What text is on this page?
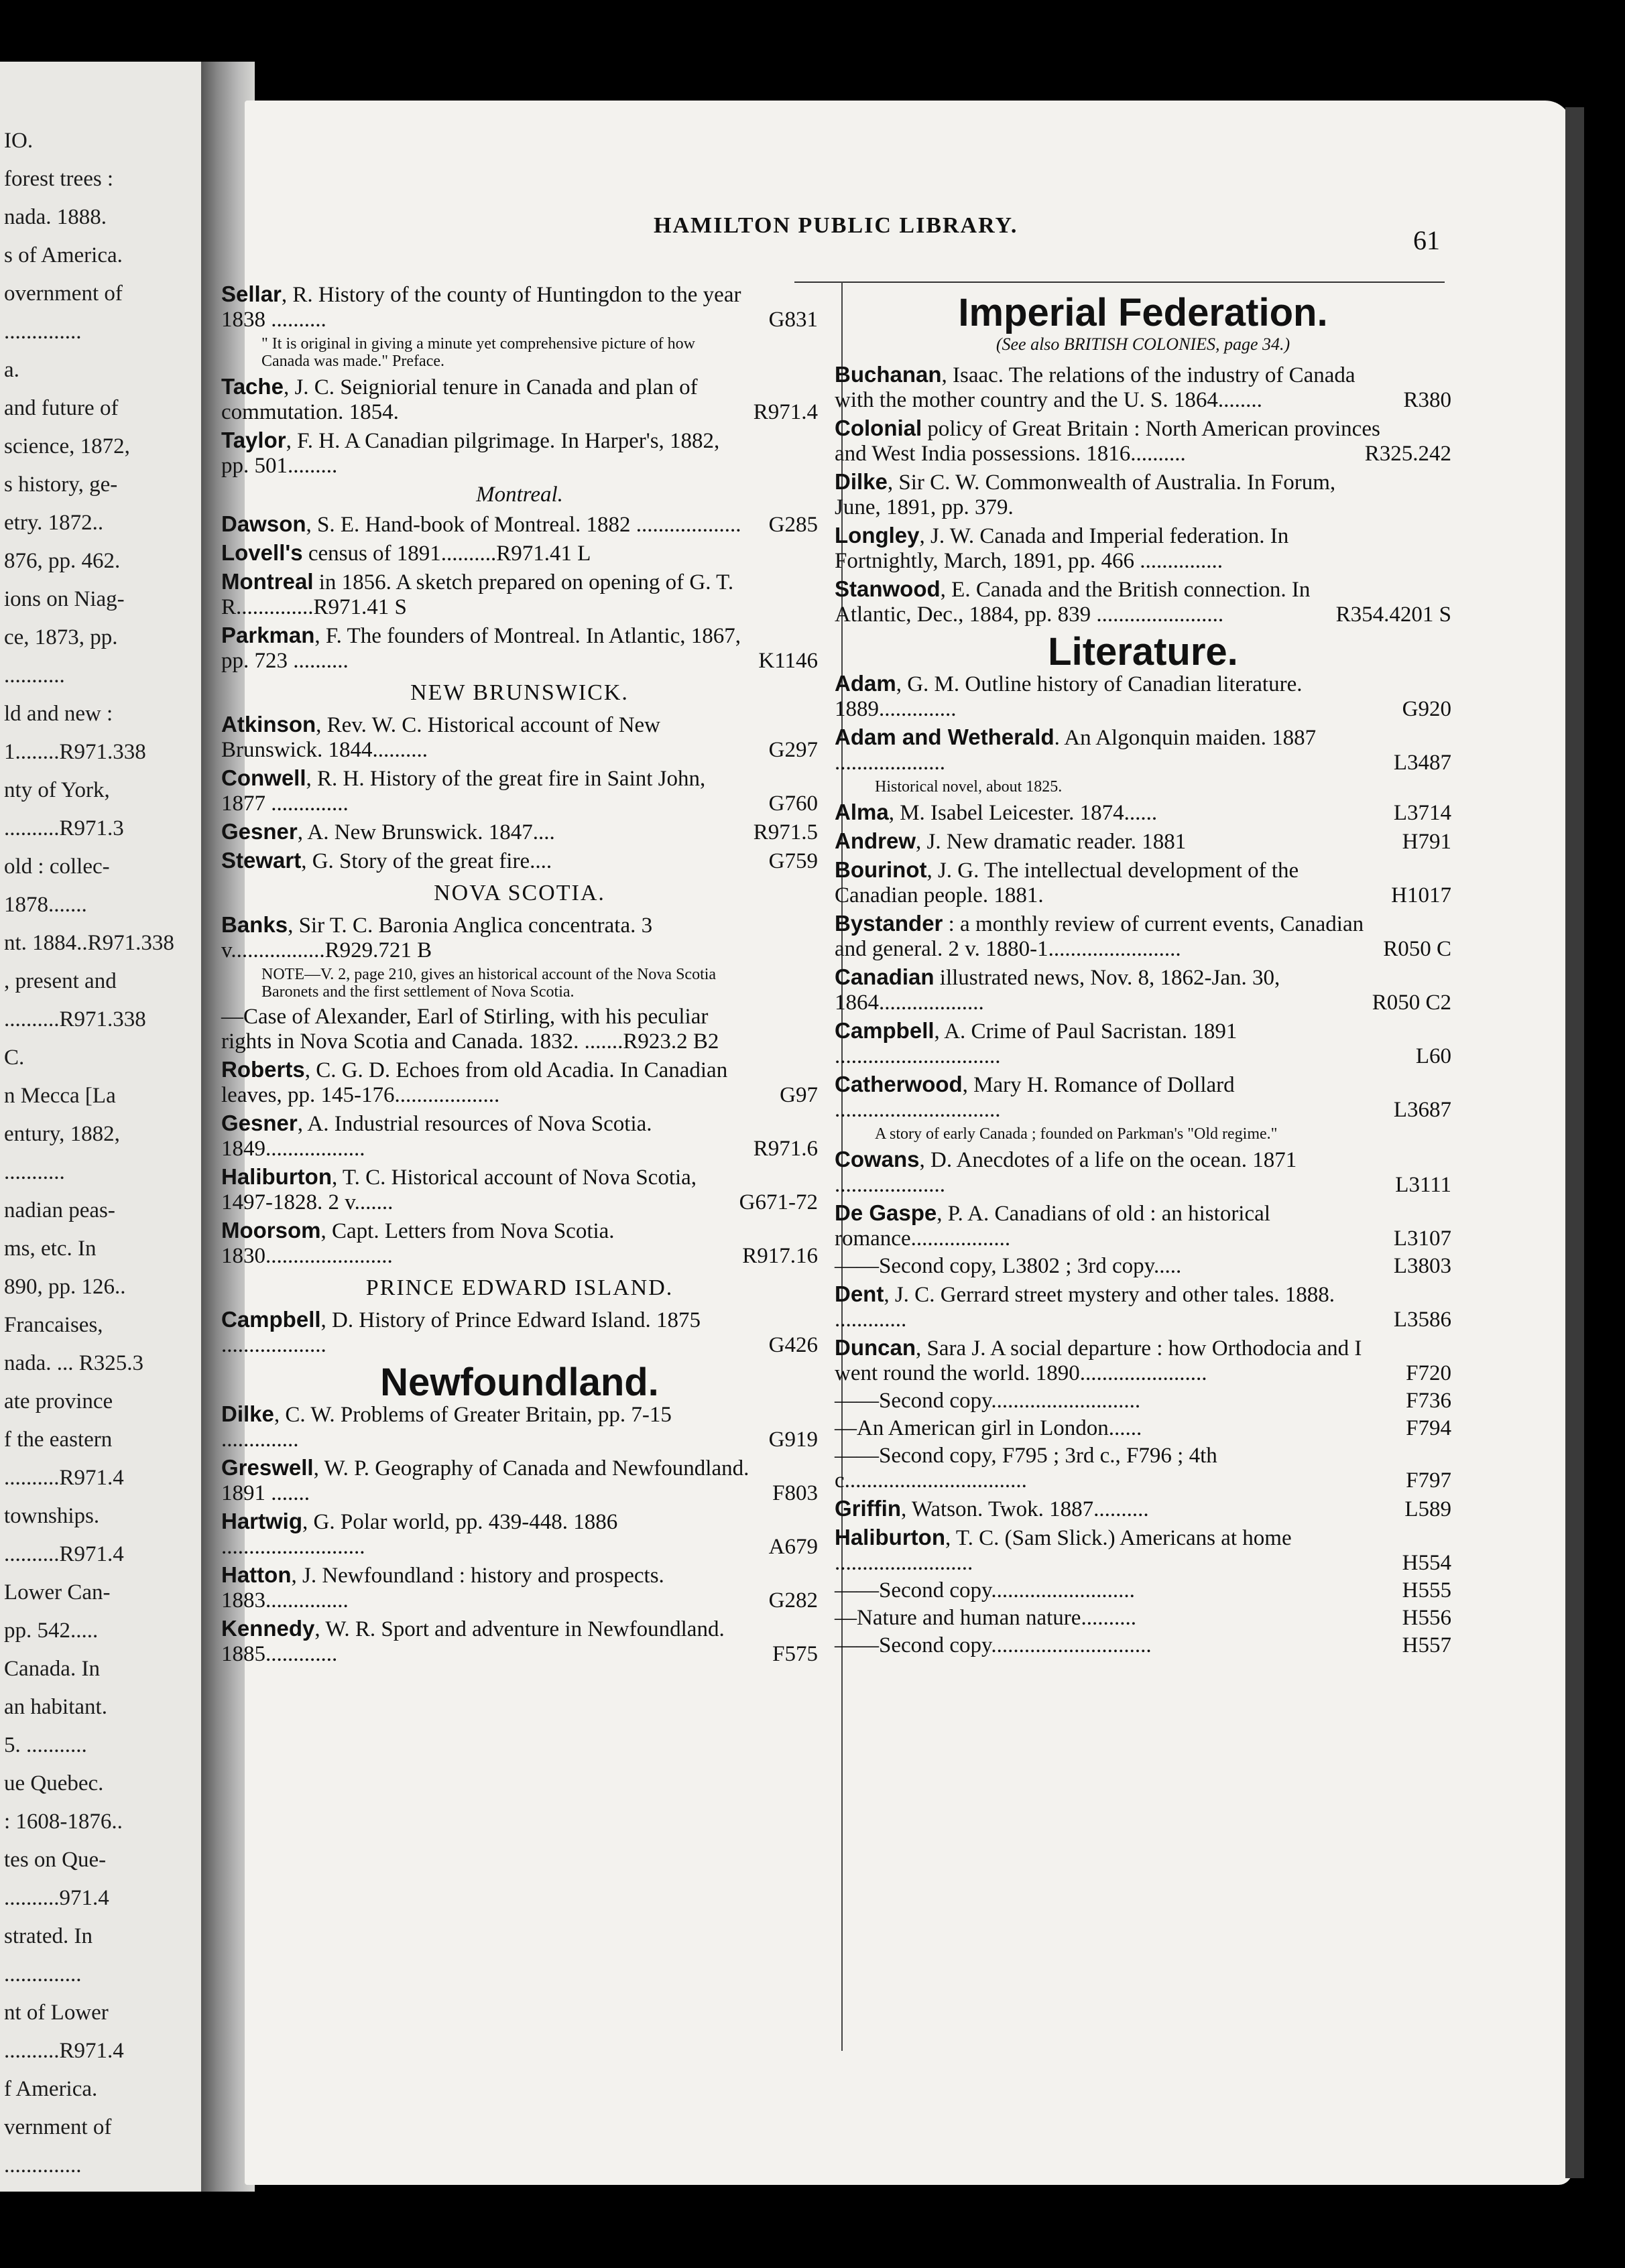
IO.
forest trees :
nada. 1888.
s of America.
overnment of
..............
a.
and future of
science, 1872,
s history, ge-
etry. 1872..
876, pp. 462.
ions on Niag-
ce, 1873, pp.
...........
ld and new :
1........R971.338
nty of York,
..........R971.3
old : collec-
1878.......
nt. 1884..R971.338
, present and
..........R971.338
C.
n Mecca [La
entury, 1882,
...........
nadian peas-
ms, etc. In
890, pp. 126..
Francaises,
nada. ... R325.3
ate province
f the eastern
..........R971.4
townships.
..........R971.4
Lower Can-
pp. 542.....
Canada. In
an habitant.
5. ...........
ue Quebec.
: 1608-1876..
tes on Que-
..........971.4
strated. In
..............
nt of Lower
..........R971.4
f America.
vernment of
..............
HAMILTON PUBLIC LIBRARY.	61
Sellar, R. History of the county of Huntingdon to the year 1838 ..........	G831
" It is original in giving a minute yet comprehensive picture of how Canada was made." Preface.
Tache, J. C. Seigniorial tenure in Canada and plan of commutation. 1854.	R971.4
Taylor, F. H. A Canadian pilgrimage. In Harper's, 1882, pp. 501.........
Montreal.
Dawson, S. E. Hand-book of Montreal. 1882 ...................	G285
Lovell's census of 1891..........R971.41 L
Montreal in 1856. A sketch prepared on opening of G. T. R..............R971.41 S
Parkman, F. The founders of Montreal. In Atlantic, 1867, pp. 723 ..........	K1146
NEW BRUNSWICK.
Atkinson, Rev. W. C. Historical account of New Brunswick. 1844..........	G297
Conwell, R. H. History of the great fire in Saint John, 1877 ..............	G760
Gesner, A. New Brunswick. 1847....	R971.5
Stewart, G. Story of the great fire....	G759
NOVA SCOTIA.
Banks, Sir T. C. Baronia Anglica concentrata. 3 v.................R929.721 B
NOTE—V. 2, page 210, gives an historical account of the Nova Scotia Baronets and the first settlement of Nova Scotia.
—Case of Alexander, Earl of Stirling, with his peculiar rights in Nova Scotia and Canada. 1832. .......R923.2 B2
Roberts, C. G. D. Echoes from old Acadia. In Canadian leaves, pp. 145-176...................	G97
Gesner, A. Industrial resources of Nova Scotia. 1849..................	R971.6
Haliburton, T. C. Historical account of Nova Scotia, 1497-1828. 2 v.......	G671-72
Moorsom, Capt. Letters from Nova Scotia. 1830.......................	R917.16
PRINCE EDWARD ISLAND.
Campbell, D. History of Prince Edward Island. 1875 ...................	G426
Newfoundland.
Dilke, C. W. Problems of Greater Britain, pp. 7-15 ..............	G919
Greswell, W. P. Geography of Canada and Newfoundland. 1891 .......	F803
Hartwig, G. Polar world, pp. 439-448. 1886 ..........................	A679
Hatton, J. Newfoundland : history and prospects. 1883...............	G282
Kennedy, W. R. Sport and adventure in Newfoundland. 1885.............	F575
Imperial Federation.
(See also BRITISH COLONIES, page 34.)
Buchanan, Isaac. The relations of the industry of Canada with the mother country and the U. S. 1864........	R380
Colonial policy of Great Britain : North American provinces and West India possessions. 1816..........	R325.242
Dilke, Sir C. W. Commonwealth of Australia. In Forum, June, 1891, pp. 379.
Longley, J. W. Canada and Imperial federation. In Fortnightly, March, 1891, pp. 466 ...............
Stanwood, E. Canada and the British connection. In Atlantic, Dec., 1884, pp. 839 .......................	R354.4201 S
Literature.
Adam, G. M. Outline history of Canadian literature. 1889..............	G920
Adam and Wetherald. An Algonquin maiden. 1887 ....................	L3487
Historical novel, about 1825.
Alma, M. Isabel Leicester. 1874......	L3714
Andrew, J. New dramatic reader. 1881	H791
Bourinot, J. G. The intellectual development of the Canadian people. 1881.	H1017
Bystander : a monthly review of current events, Canadian and general. 2 v. 1880-1........................	R050 C
Canadian illustrated news, Nov. 8, 1862-Jan. 30, 1864...................	R050 C2
Campbell, A. Crime of Paul Sacristan. 1891 ..............................	L60
Catherwood, Mary H. Romance of Dollard ..............................	L3687
A story of early Canada ; founded on Parkman's "Old regime."
Cowans, D. Anecdotes of a life on the ocean. 1871 ....................	L3111
De Gaspe, P. A. Canadians of old : an historical romance..................	L3107
——Second copy, L3802 ; 3rd copy.....	L3803
Dent, J. C. Gerrard street mystery and other tales. 1888. .............	L3586
Duncan, Sara J. A social departure : how Orthodocia and I went round the world. 1890.......................	F720
——Second copy...........................	F736
—An American girl in London......	F794
——Second copy, F795 ; 3rd c., F796 ; 4th c.................................	F797
Griffin, Watson. Twok. 1887..........	L589
Haliburton, T. C. (Sam Slick.) Americans at home .........................	H554
——Second copy..........................	H555
—Nature and human nature..........	H556
——Second copy.............................	H557
